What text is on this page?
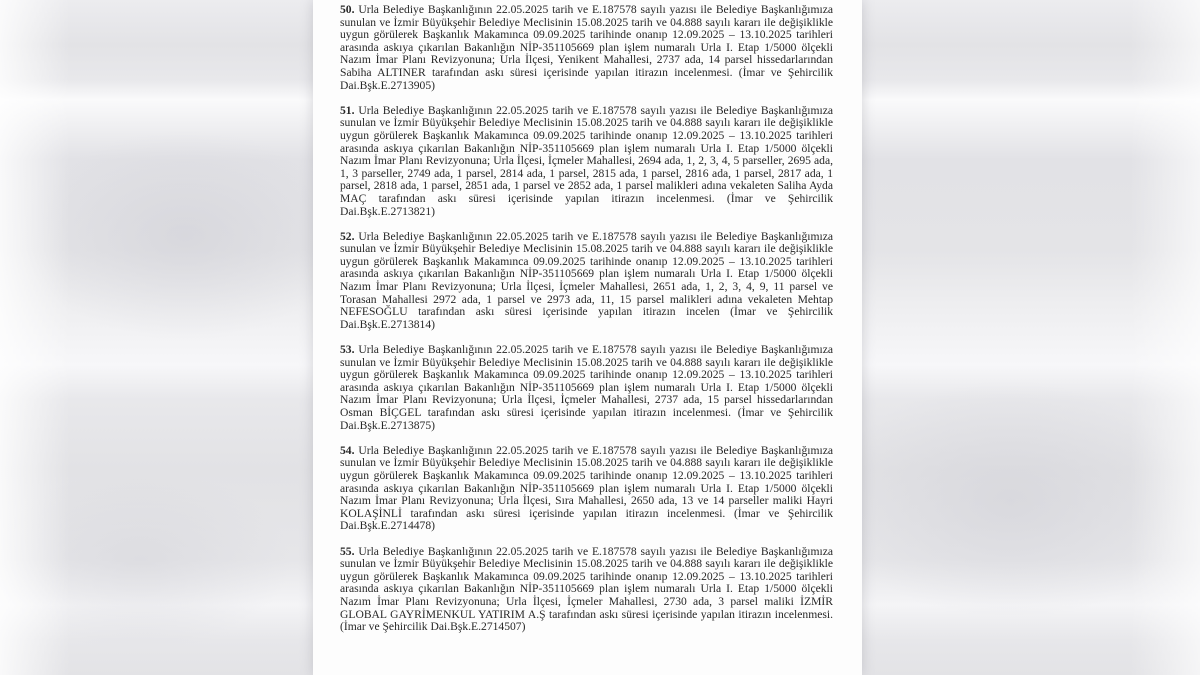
50. Urla Belediye Başkanlığının 22.05.2025 tarih ve E.187578 sayılı yazısı ile Belediye Başkanlığımıza sunulan ve İzmir Büyükşehir Belediye Meclisinin 15.08.2025 tarih ve 04.888 sayılı kararı ile değişiklikle uygun görülerek Başkanlık Makamınca 09.09.2025 tarihinde onanıp 12.09.2025 – 13.10.2025 tarihleri arasında askıya çıkarılan Bakanlığın NİP-351105669 plan işlem numaralı Urla I. Etap 1/5000 ölçekli Nazım İmar Planı Revizyonuna; Urla İlçesi, Yenikent Mahallesi, 2737 ada, 14 parsel hissedarlarından Sabiha ALTINER tarafından askı süresi içerisinde yapılan itirazın incelenmesi. (İmar ve Şehircilik Dai.Bşk.E.2713905)

51. Urla Belediye Başkanlığının 22.05.2025 tarih ve E.187578 sayılı yazısı ile Belediye Başkanlığımıza sunulan ve İzmir Büyükşehir Belediye Meclisinin 15.08.2025 tarih ve 04.888 sayılı kararı ile değişiklikle uygun görülerek Başkanlık Makamınca 09.09.2025 tarihinde onanıp 12.09.2025 – 13.10.2025 tarihleri arasında askıya çıkarılan Bakanlığın NİP-351105669 plan işlem numaralı Urla I. Etap 1/5000 ölçekli Nazım İmar Planı Revizyonuna; Urla İlçesi, İçmeler Mahallesi, 2694 ada, 1, 2, 3, 4, 5 parseller, 2695 ada, 1, 3 parseller, 2749 ada, 1 parsel, 2814 ada, 1 parsel, 2815 ada, 1 parsel, 2816 ada, 1 parsel, 2817 ada, 1 parsel, 2818 ada, 1 parsel, 2851 ada, 1 parsel ve 2852 ada, 1 parsel malikleri adına vekaleten Saliha Ayda MAÇ tarafından askı süresi içerisinde yapılan itirazın incelenmesi. (İmar ve Şehircilik Dai.Bşk.E.2713821)

52. Urla Belediye Başkanlığının 22.05.2025 tarih ve E.187578 sayılı yazısı ile Belediye Başkanlığımıza sunulan ve İzmir Büyükşehir Belediye Meclisinin 15.08.2025 tarih ve 04.888 sayılı kararı ile değişiklikle uygun görülerek Başkanlık Makamınca 09.09.2025 tarihinde onanıp 12.09.2025 – 13.10.2025 tarihleri arasında askıya çıkarılan Bakanlığın NİP-351105669 plan işlem numaralı Urla I. Etap 1/5000 ölçekli Nazım İmar Planı Revizyonuna; Urla İlçesi, İçmeler Mahallesi, 2651 ada, 1, 2, 3, 4, 9, 11 parsel ve Torasan Mahallesi 2972 ada, 1 parsel ve 2973 ada, 11, 15 parsel malikleri adına vekaleten Mehtap NEFESOĞLU tarafından askı süresi içerisinde yapılan itirazın incelen (İmar ve Şehircilik Dai.Bşk.E.2713814)

53. Urla Belediye Başkanlığının 22.05.2025 tarih ve E.187578 sayılı yazısı ile Belediye Başkanlığımıza sunulan ve İzmir Büyükşehir Belediye Meclisinin 15.08.2025 tarih ve 04.888 sayılı kararı ile değişiklikle uygun görülerek Başkanlık Makamınca 09.09.2025 tarihinde onanıp 12.09.2025 – 13.10.2025 tarihleri arasında askıya çıkarılan Bakanlığın NİP-351105669 plan işlem numaralı Urla I. Etap 1/5000 ölçekli Nazım İmar Planı Revizyonuna; Urla İlçesi, İçmeler Mahallesi, 2737 ada, 15 parsel hissedarlarından Osman BİÇGEL tarafından askı süresi içerisinde yapılan itirazın incelenmesi. (İmar ve Şehircilik Dai.Bşk.E.2713875)

54. Urla Belediye Başkanlığının 22.05.2025 tarih ve E.187578 sayılı yazısı ile Belediye Başkanlığımıza sunulan ve İzmir Büyükşehir Belediye Meclisinin 15.08.2025 tarih ve 04.888 sayılı kararı ile değişiklikle uygun görülerek Başkanlık Makamınca 09.09.2025 tarihinde onanıp 12.09.2025 – 13.10.2025 tarihleri arasında askıya çıkarılan Bakanlığın NİP-351105669 plan işlem numaralı Urla I. Etap 1/5000 ölçekli Nazım İmar Planı Revizyonuna; Urla İlçesi, Sıra Mahallesi, 2650 ada, 13 ve 14 parseller maliki Hayri KOLAŞİNLİ tarafından askı süresi içerisinde yapılan itirazın incelenmesi. (İmar ve Şehircilik Dai.Bşk.E.2714478)

55. Urla Belediye Başkanlığının 22.05.2025 tarih ve E.187578 sayılı yazısı ile Belediye Başkanlığımıza sunulan ve İzmir Büyükşehir Belediye Meclisinin 15.08.2025 tarih ve 04.888 sayılı kararı ile değişiklikle uygun görülerek Başkanlık Makamınca 09.09.2025 tarihinde onanıp 12.09.2025 – 13.10.2025 tarihleri arasında askıya çıkarılan Bakanlığın NİP-351105669 plan işlem numaralı Urla I. Etap 1/5000 ölçekli Nazım İmar Planı Revizyonuna; Urla İlçesi, İçmeler Mahallesi, 2730 ada, 3 parsel maliki İZMİR GLOBAL GAYRİMENKUL YATIRIM A.Ş tarafından askı süresi içerisinde yapılan itirazın incelenmesi. (İmar ve Şehircilik Dai.Bşk.E.2714507)
